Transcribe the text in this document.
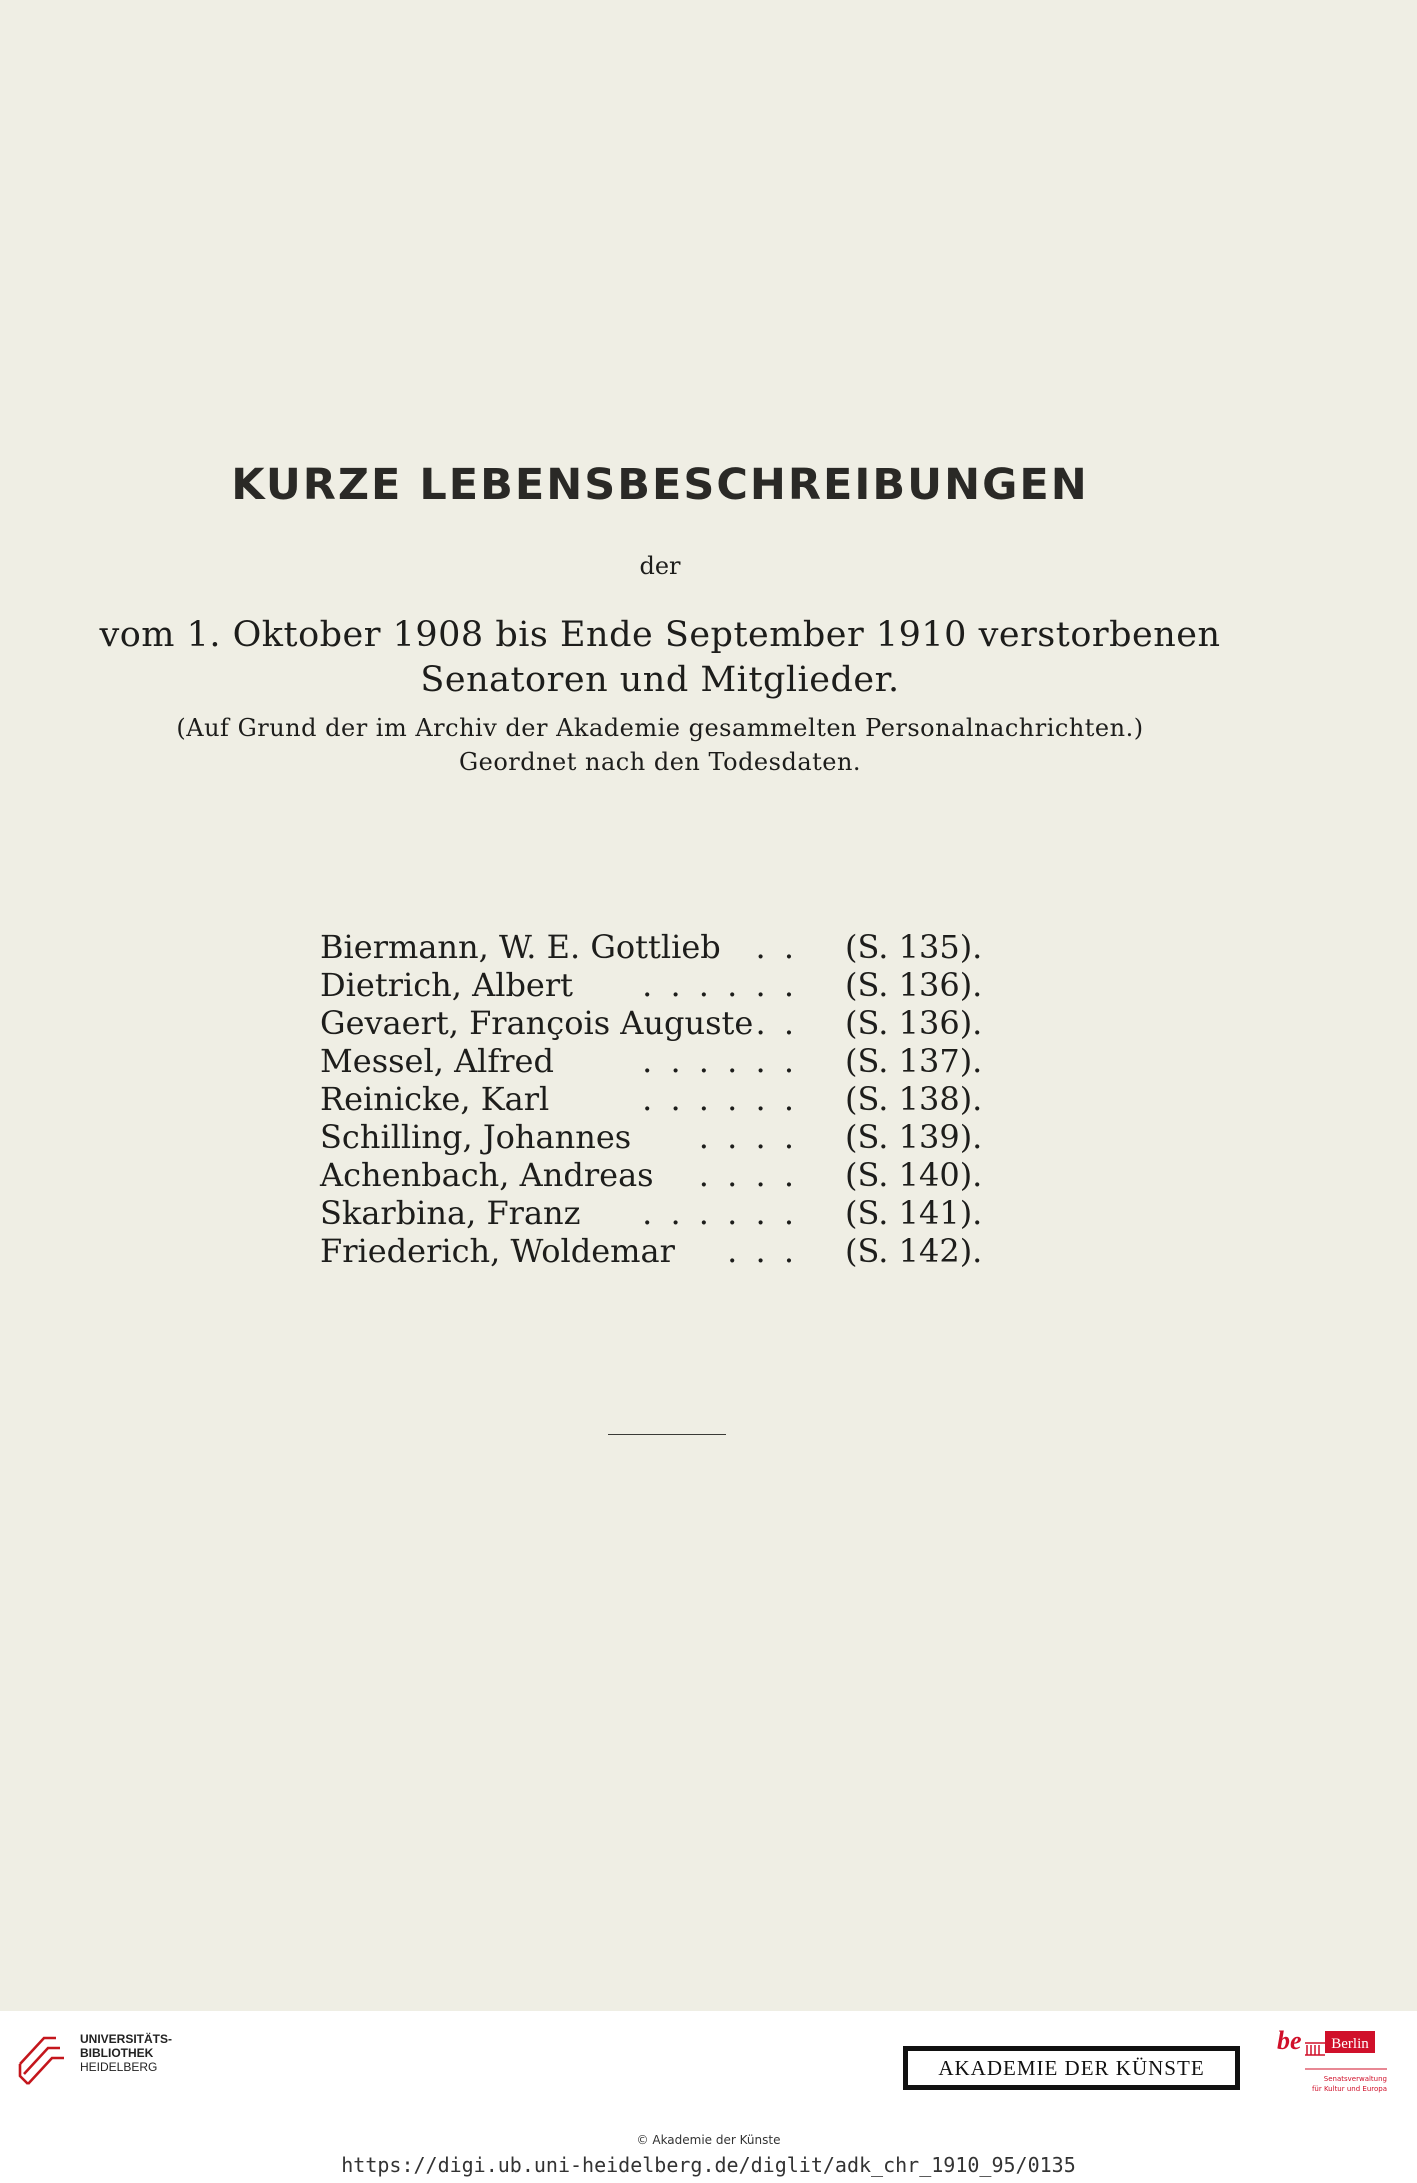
KURZE LEBENSBESCHREIBUNGEN
der
vom 1. Oktober 1908 bis Ende September 1910 verstorbenen
Senatoren und Mitglieder.
(Auf Grund der im Archiv der Akademie gesammelten Personalnachrichten.)
Geordnet nach den Todesdaten.
Biermann, W. E. Gottlieb	. . (S. 135).
Dietrich, Albert	. . . . . . (S. 136).
Gevaert, François Auguste . . (S. 136).
Messel, Alfred	. . . . . . (S. 137).
Reinicke, Karl	. . . . . . (S. 138).
Schilling, Johannes	. . . . (S. 139).
Achenbach, Andreas	. . . . (S. 140).
Skarbina, Franz	. . . . . . (S. 141).
Friederich, Woldemar	. . . (S. 142).
UNIVERSITÄTS-
BIBLIOTHEK
HEIDELBERG	AKADEMIE DER KÜNSTE
be Berlin
Senatsverwaltung
für Kultur und Europa
© Akademie der Künste
https://digi.ub.uni-heidelberg.de/diglit/adk_chr_1910_95/0135
